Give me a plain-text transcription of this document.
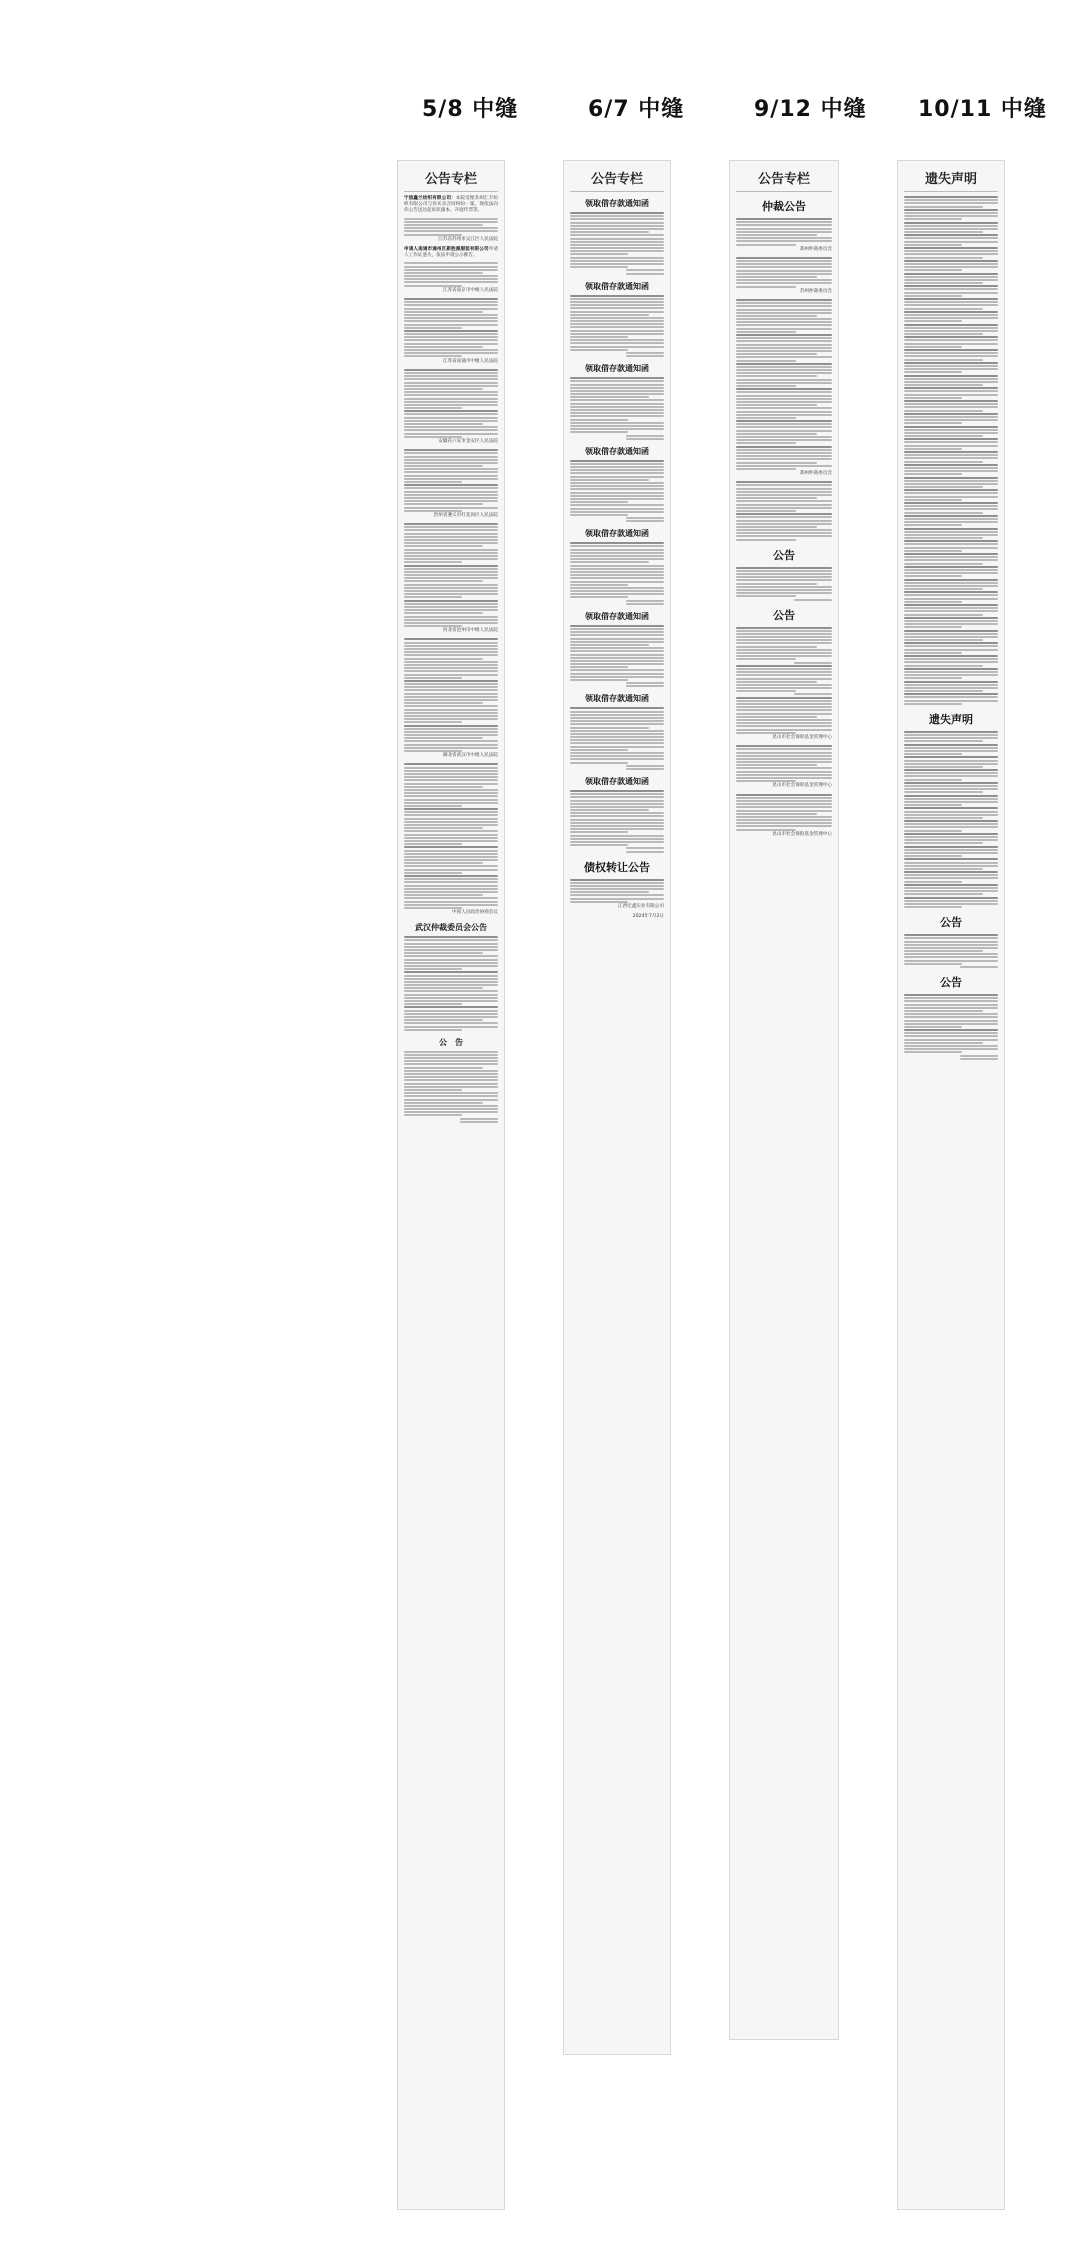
5/8 中缝	6/7 中缝	9/12 中缝 10/11 中缝
公告专栏
宁波鑫兰纺织有限公司：本院受理苏州汇丰纺织有限公司与你买卖合同纠纷一案，现依法向你公告送达起诉状副本、开庭传票等。
江苏省苏州市吴江区人民法院
申请人南通市通州区新胜黑服装有限公司申请人工作证遗失，依法申请公示催告。
江苏省南京市中级人民法院
江苏省南通市中级人民法院
安徽省六安市金安区人民法院
贵州省遵义市红花岗区人民法院
河北省沧州市中级人民法院
湖北省武汉市中级人民法院
中国人民政治协商会议
武汉仲裁委员会公告
公　告
公告专栏
领取借存款通知函
领取借存款通知函
领取借存款通知函
领取借存款通知函
领取借存款通知函
领取借存款通知函
领取借存款通知函
领取借存款通知函
债权转让公告
江西宏鑫实业有限公司
2024年7月2日
公告专栏
仲裁公告
郑州仲裁委员会
苏州仲裁委员会
郑州仲裁委员会
公告
公告
昆山市社会保险基金管理中心
昆山市社会保险基金管理中心
昆山市社会保险基金管理中心
遗失声明
遗失声明
公告
公告
